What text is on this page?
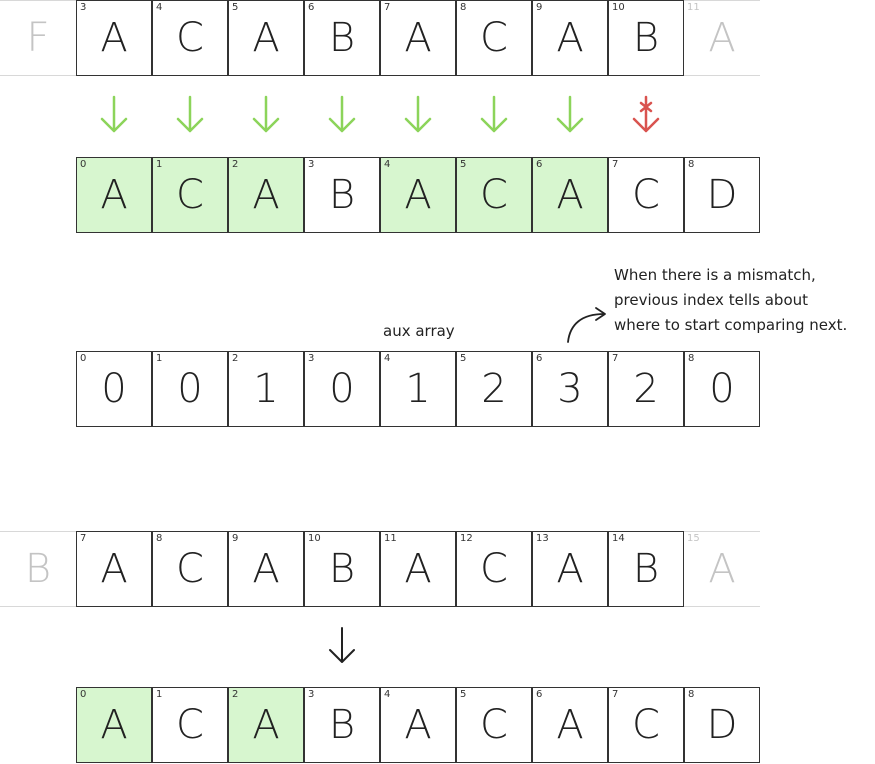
F
3
A
4
C
5
A
6
B
7
A
8
C
9
A
10
B
11
A
0
A
1
C
2
A
3
B
4
A
5
C
6
A
7
C
8
D
aux array
When there is a mismatch,
previous index tells about
where to start comparing next.
0
0
1
0
2
1
3
0
4
1
5
2
6
3
7
2
8
0
B
7
A
8
C
9
A
10
B
11
A
12
C
13
A
14
B
15
A
0
A
1
C
2
A
3
B
4
A
5
C
6
A
7
C
8
D
